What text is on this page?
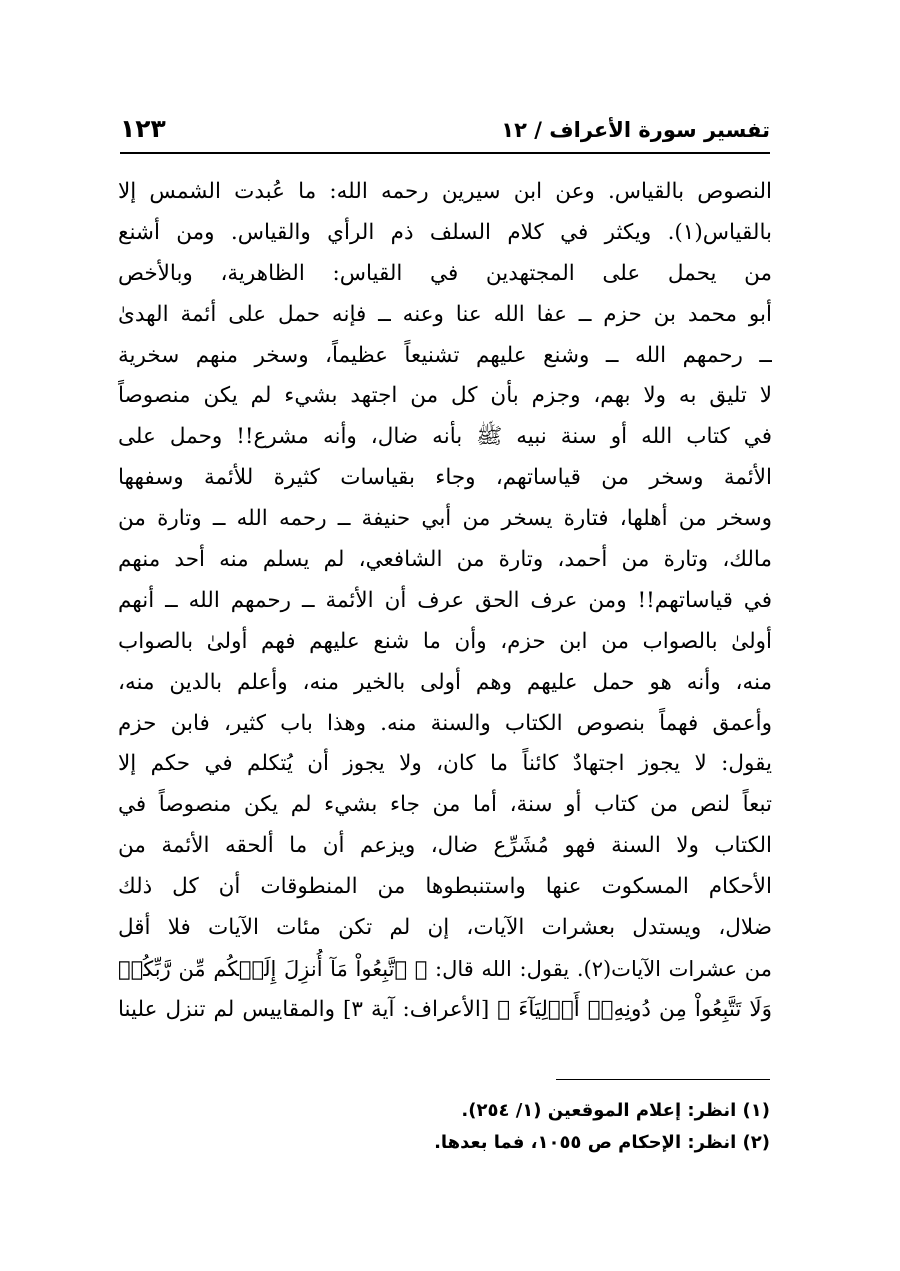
تفسير سورة الأعراف / ١٢
١٢٣
النصوص بالقياس. وعن ابن سيرين رحمه الله: ما عُبدت الشمس إلا
بالقياس(١). ويكثر في كلام السلف ذم الرأي والقياس. ومن أشنع
من يحمل على المجتهدين في القياس: الظاهرية، وبالأخص
أبو محمد بن حزم ــ عفا الله عنا وعنه ــ فإنه حمل على أئمة الهدىٰ
ــ رحمهم الله ــ وشنع عليهم تشنيعاً عظيماً، وسخر منهم سخرية
لا تليق به ولا بهم، وجزم بأن كل من اجتهد بشيء لم يكن منصوصاً
في كتاب الله أو سنة نبيه ﷺ بأنه ضال، وأنه مشرع!! وحمل على
الأئمة وسخر من قياساتهم، وجاء بقياسات كثيرة للأئمة وسفهها
وسخر من أهلها، فتارة يسخر من أبي حنيفة ــ رحمه الله ــ وتارة من
مالك، وتارة من أحمد، وتارة من الشافعي، لم يسلم منه أحد منهم
في قياساتهم!! ومن عرف الحق عرف أن الأئمة ــ رحمهم الله ــ أنهم
أولىٰ بالصواب من ابن حزم، وأن ما شنع عليهم فهم أولىٰ بالصواب
منه، وأنه هو حمل عليهم وهم أولى بالخير منه، وأعلم بالدين منه،
وأعمق فهماً بنصوص الكتاب والسنة منه. وهذا باب كثير، فابن حزم
يقول: لا يجوز اجتهادٌ كائناً ما كان، ولا يجوز أن يُتكلم في حكم إلا
تبعاً لنص من كتاب أو سنة، أما من جاء بشيء لم يكن منصوصاً في
الكتاب ولا السنة فهو مُشَرِّع ضال، ويزعم أن ما ألحقه الأئمة من
الأحكام المسكوت عنها واستنبطوها من المنطوقات أن كل ذلك
ضلال، ويستدل بعشرات الآيات، إن لم تكن مئات الآيات فلا أقل
من عشرات الآيات(٢). يقول: الله قال: ﴿ ٱتَّبِعُواْ مَآ أُنزِلَ إِلَيۡكُم مِّن رَّبِّكُمۡ
وَلَا تَتَّبِعُواْ مِن دُونِهِۦٓ أَوۡلِيَآءَ ﴾ [الأعراف: آية ٣] والمقاييس لم تنزل علينا
(١) انظر: إعلام الموقعين (١/ ٢٥٤).
(٢) انظر: الإحكام ص ١٠٥٥، فما بعدها.
